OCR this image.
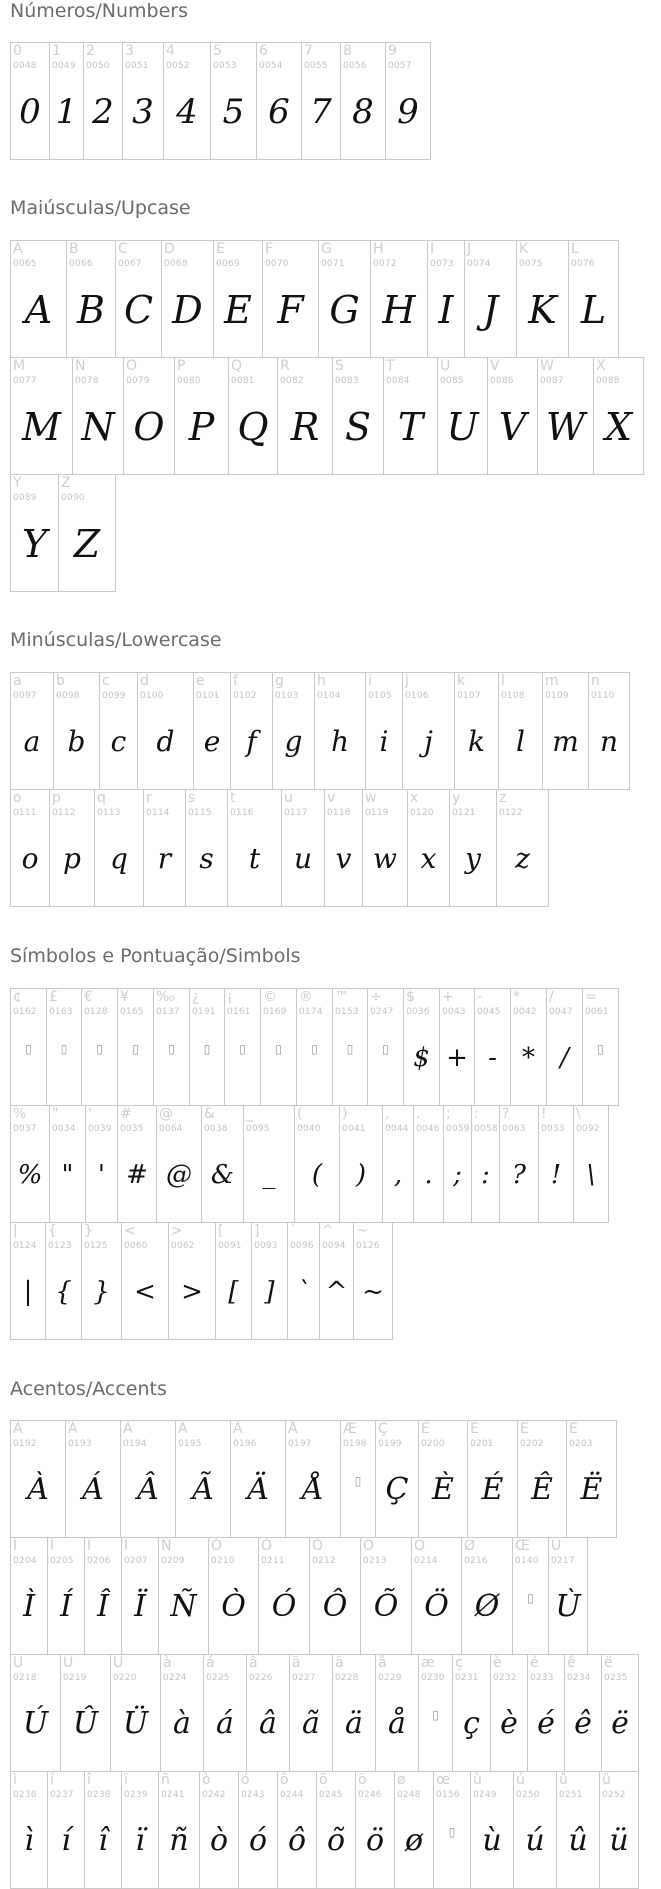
Números/Numbers
0
0048
0
1
0049
1
2
0050
2
3
0051
3
4
0052
4
5
0053
5
6
0054
6
7
0055
7
8
0056
8
9
0057
9
Maiúsculas/Upcase
A
0065
A
B
0066
B
C
0067
C
D
0068
D
E
0069
E
F
0070
F
G
0071
G
H
0072
H
I
0073
I
J
0074
J
K
0075
K
L
0076
L
M
0077
M
N
0078
N
O
0079
O
P
0080
P
Q
0081
Q
R
0082
R
S
0083
S
T
0084
T
U
0085
U
V
0086
V
W
0087
W
X
0088
X
Y
0089
Y
Z
0090
Z
Minúsculas/Lowercase
a
0097
a
b
0098
b
c
0099
c
d
0100
d
e
0101
e
f
0102
f
g
0103
g
h
0104
h
i
0105
i
j
0106
j
k
0107
k
l
0108
l
m
0109
m
n
0110
n
o
0111
o
p
0112
p
q
0113
q
r
0114
r
s
0115
s
t
0116
t
u
0117
u
v
0118
v
w
0119
w
x
0120
x
y
0121
y
z
0122
z
Símbolos e Pontuação/Simbols
¢
0162
▯
£
0163
▯
€
0128
▯
¥
0165
▯
‰
0137
▯
¿
0191
▯
¡
0161
▯
©
0169
▯
®
0174
▯
™
0153
▯
÷
0247
▯
$
0036
$
+
0043
+
-
0045
-
*
0042
*
/
0047
/
=
0061
▯
%
0037
%
"
0034
"
'
0039
'
#
0035
#
@
0064
@
&
0038
&
_
0095
_
(
0040
(
)
0041
)
,
0044
,
.
0046
.
;
0059
;
:
0058
:
?
0063
?
!
0033
!
\
0092
\
|
0124
|
{
0123
{
}
0125
}
<
0060
<
>
0062
>
[
0091
[
]
0093
]
`
0096
`
^
0094
^
~
0126
~
Acentos/Accents
À
0192
À
Á
0193
Á
Â
0194
Â
Ã
0195
Ã
Ä
0196
Ä
Å
0197
Å
Æ
0198
▯
Ç
0199
Ç
È
0200
È
É
0201
É
Ê
0202
Ê
Ë
0203
Ë
Ì
0204
Ì
Í
0205
Í
Î
0206
Î
Ï
0207
Ï
Ñ
0209
Ñ
Ò
0210
Ò
Ó
0211
Ó
Ô
0212
Ô
Õ
0213
Õ
Ö
0214
Ö
Ø
0216
Ø
Œ
0140
▯
Ù
0217
Ù
Ú
0218
Ú
Û
0219
Û
Ü
0220
Ü
à
0224
à
á
0225
á
â
0226
â
ã
0227
ã
ä
0228
ä
å
0229
å
æ
0230
▯
ç
0231
ç
è
0232
è
é
0233
é
ê
0234
ê
ë
0235
ë
ì
0236
ì
í
0237
í
î
0238
î
ï
0239
ï
ñ
0241
ñ
ò
0242
ò
ó
0243
ó
ô
0244
ô
õ
0245
õ
ö
0246
ö
ø
0248
ø
œ
0156
▯
ù
0249
ù
ú
0250
ú
û
0251
û
ü
0252
ü
